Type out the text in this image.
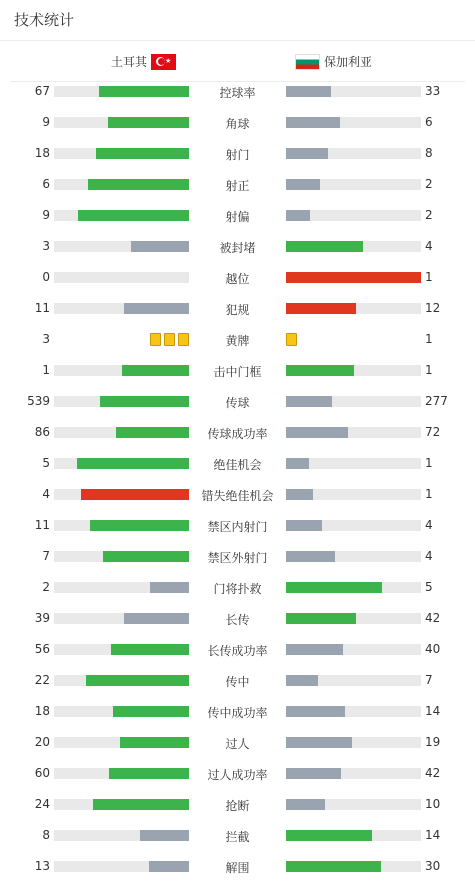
技术统计
土耳其	★	保加利亚
67	控球率	33
9	角球	6
18	射门	8
6	射正	2
9	射偏	2
3	被封堵	4
0	越位	1
11	犯规	12
3	黄牌	1
1	击中门框	1
539	传球	277
86	传球成功率	72
5	绝佳机会	1
4	错失绝佳机会	1
11	禁区内射门	4
7	禁区外射门	4
2	门将扑救	5
39	长传	42
56	长传成功率	40
22	传中	7
18	传中成功率	14
20	过人	19
60	过人成功率	42
24	抢断	10
8	拦截	14
13	解围	30
